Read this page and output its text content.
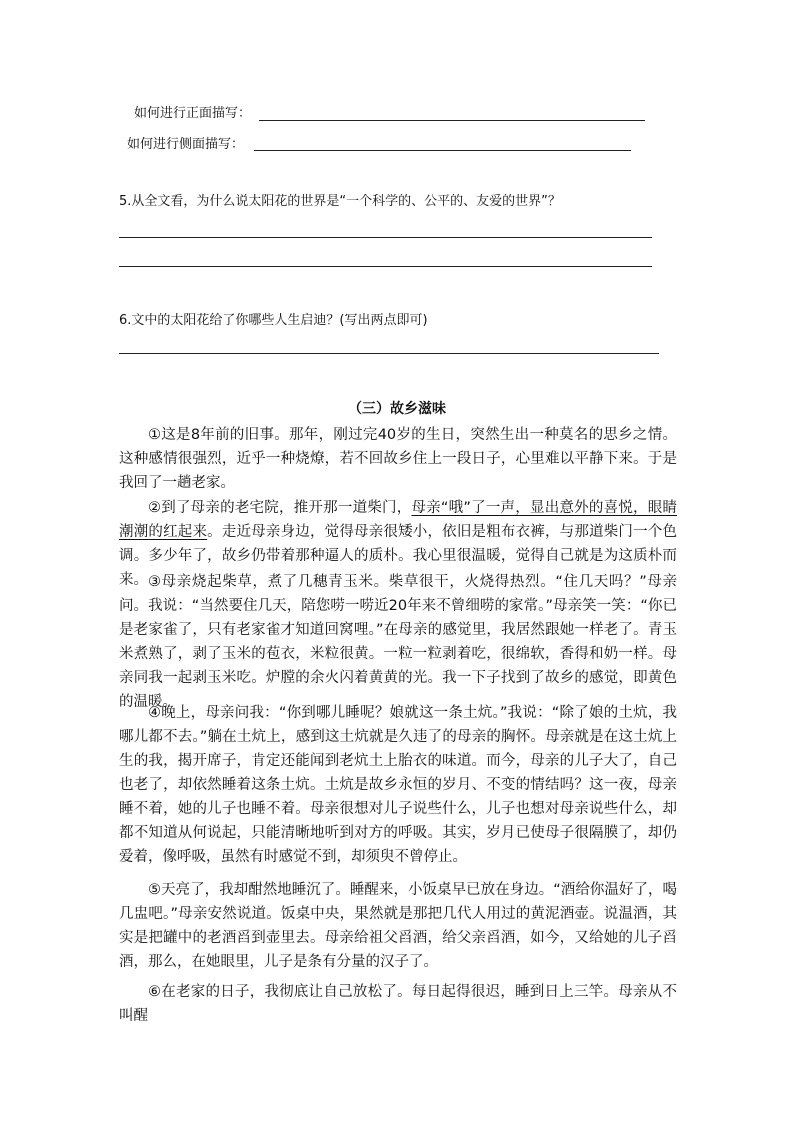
如何进行正面描写：
如何进行侧面描写：
5.从全文看，为什么说太阳花的世界是“一个科学的、公平的、友爱的世界”？
6.文中的太阳花给了你哪些人生启迪？(写出两点即可)
（三）故乡滋味

①这是8年前的旧事。那年，刚过完40岁的生日，突然生出一种莫名的思乡之情。这种感情很强烈，近乎一种烧燎，若不回故乡住上一段日子，心里难以平静下来。于是我回了一趟老家。

②到了母亲的老宅院，推开那一道柴门，母亲“哦”了一声，显出意外的喜悦，眼睛潮潮的红起来。走近母亲身边，觉得母亲很矮小，依旧是粗布衣裤，与那道柴门一个色调。多少年了，故乡仍带着那种逼人的质朴。我心里很温暖，觉得自己就是为这质朴而来。 ③母亲烧起柴草，煮了几穗青玉米。柴草很干，火烧得热烈。“住几天吗？”母亲问。我说：“当然要住几天，陪您唠一唠近20年来不曾细唠的家常。”母亲笑一笑：“你已是老家雀了，只有老家雀才知道回窝哩。”在母亲的感觉里，我居然跟她一样老了。青玉米煮熟了，剥了玉米的苞衣，米粒很黄。一粒一粒剥着吃，很绵软，香得和奶一样。母亲同我一起剥玉米吃。炉膛的余火闪着黄黄的光。我一下子找到了故乡的感觉，即黄色的温暖。

④晚上，母亲问我：“你到哪儿睡呢？娘就这一条土炕。”我说：“除了娘的土炕，我哪儿都不去。”躺在土炕上，感到这土炕就是久违了的母亲的胸怀。母亲就是在这土炕上生的我，揭开席子，肯定还能闻到老炕土上胎衣的味道。而今，母亲的儿子大了，自己也老了，却依然睡着这条土炕。土炕是故乡永恒的岁月、不变的情结吗？这一夜，母亲睡不着，她的儿子也睡不着。母亲很想对儿子说些什么，儿子也想对母亲说些什么，却都不知道从何说起，只能清晰地听到对方的呼吸。其实，岁月已使母子很隔膜了，却仍爱着，像呼吸，虽然有时感觉不到，却须臾不曾停止。

⑤天亮了，我却酣然地睡沉了。睡醒来，小饭桌早已放在身边。“酒给你温好了，喝几盅吧。”母亲安然说道。饭桌中央，果然就是那把几代人用过的黄泥酒壶。说温酒，其实是把罐中的老酒舀到壶里去。母亲给祖父舀酒，给父亲舀酒，如今，又给她的儿子舀酒，那么，在她眼里，儿子是条有分量的汉子了。

⑥在老家的日子，我彻底让自己放松了。每日起得很迟，睡到日上三竿。母亲从不叫醒
